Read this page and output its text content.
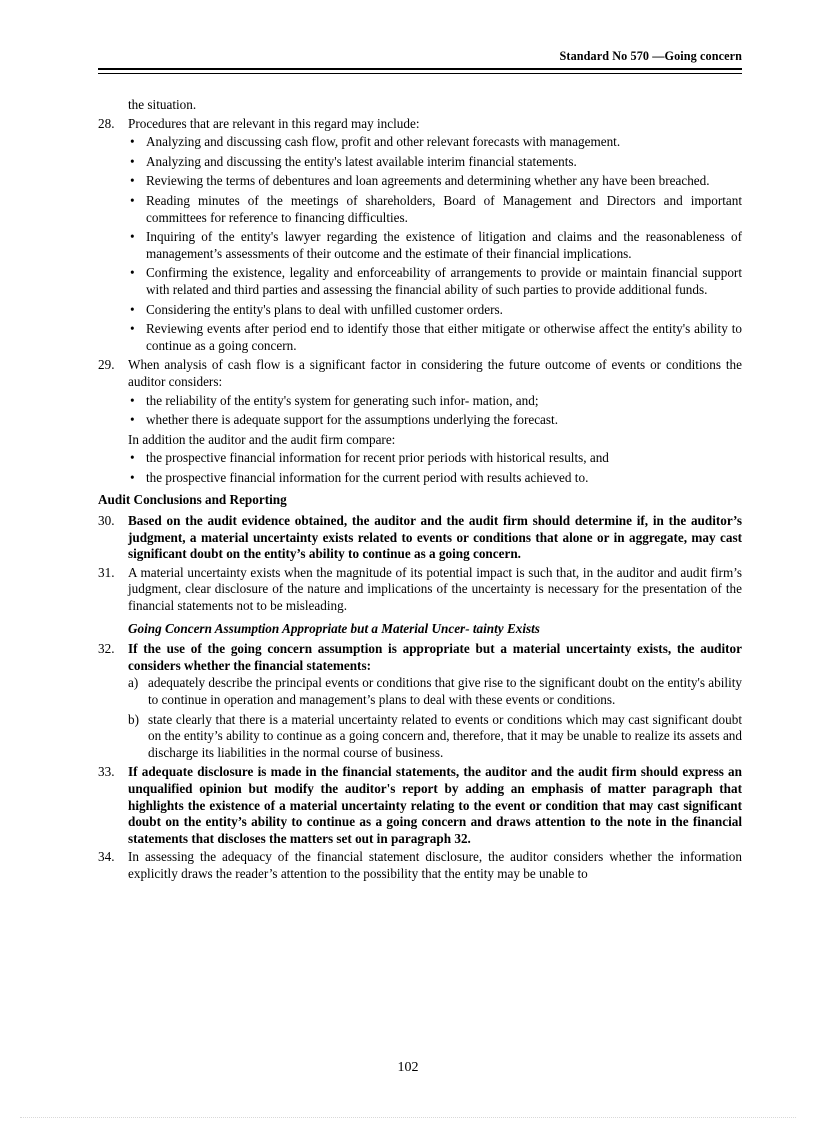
Standard No 570 —Going concern
the situation.
28. Procedures that are relevant in this regard may include:
• Analyzing and discussing cash flow, profit and other relevant forecasts with management.
• Analyzing and discussing the entity's latest available interim financial statements.
• Reviewing the terms of debentures and loan agreements and determining whether any have been breached.
• Reading minutes of the meetings of shareholders, Board of Management and Directors and important committees for reference to financing difficulties.
• Inquiring of the entity's lawyer regarding the existence of litigation and claims and the reasonableness of management’s assessments of their outcome and the estimate of their financial implications.
• Confirming the existence, legality and enforceability of arrangements to provide or maintain financial support with related and third parties and assessing the financial ability of such parties to provide additional funds.
• Considering the entity's plans to deal with unfilled customer orders.
• Reviewing events after period end to identify those that either mitigate or otherwise affect the entity's ability to continue as a going concern.
29. When analysis of cash flow is a significant factor in considering the future outcome of events or conditions the auditor considers:
• the reliability of the entity's system for generating such infor- mation, and;
• whether there is adequate support for the assumptions underlying the forecast.
In addition the auditor and the audit firm compare:
• the prospective financial information for recent prior periods with historical results, and
• the prospective financial information for the current period with results achieved to.
Audit Conclusions and Reporting
30. Based on the audit evidence obtained, the auditor and the audit firm should determine if, in the auditor’s judgment, a material uncertainty exists related to events or conditions that alone or in aggregate, may cast significant doubt on the entity’s ability to continue as a going concern.
31. A material uncertainty exists when the magnitude of its potential impact is such that, in the auditor and audit firm’s judgment, clear disclosure of the nature and implications of the uncertainty is necessary for the presentation of the financial statements not to be misleading.
Going Concern Assumption Appropriate but a Material Uncer- tainty Exists
32. If the use of the going concern assumption is appropriate but a material uncertainty exists, the auditor considers whether the financial statements:
a) adequately describe the principal events or conditions that give rise to the significant doubt on the entity's ability to continue in operation and management’s plans to deal with these events or conditions.
b) state clearly that there is a material uncertainty related to events or conditions which may cast significant doubt on the entity’s ability to continue as a going concern and, therefore, that it may be unable to realize its assets and discharge its liabilities in the normal course of business.
33. If adequate disclosure is made in the financial statements, the auditor and the audit firm should express an unqualified opinion but modify the auditor's report by adding an emphasis of matter paragraph that highlights the existence of a material uncertainty relating to the event or condition that may cast significant doubt on the entity’s ability to continue as a going concern and draws attention to the note in the financial statements that discloses the matters set out in paragraph 32.
34. In assessing the adequacy of the financial statement disclosure, the auditor considers whether the information explicitly draws the reader’s attention to the possibility that the entity may be unable to
102
